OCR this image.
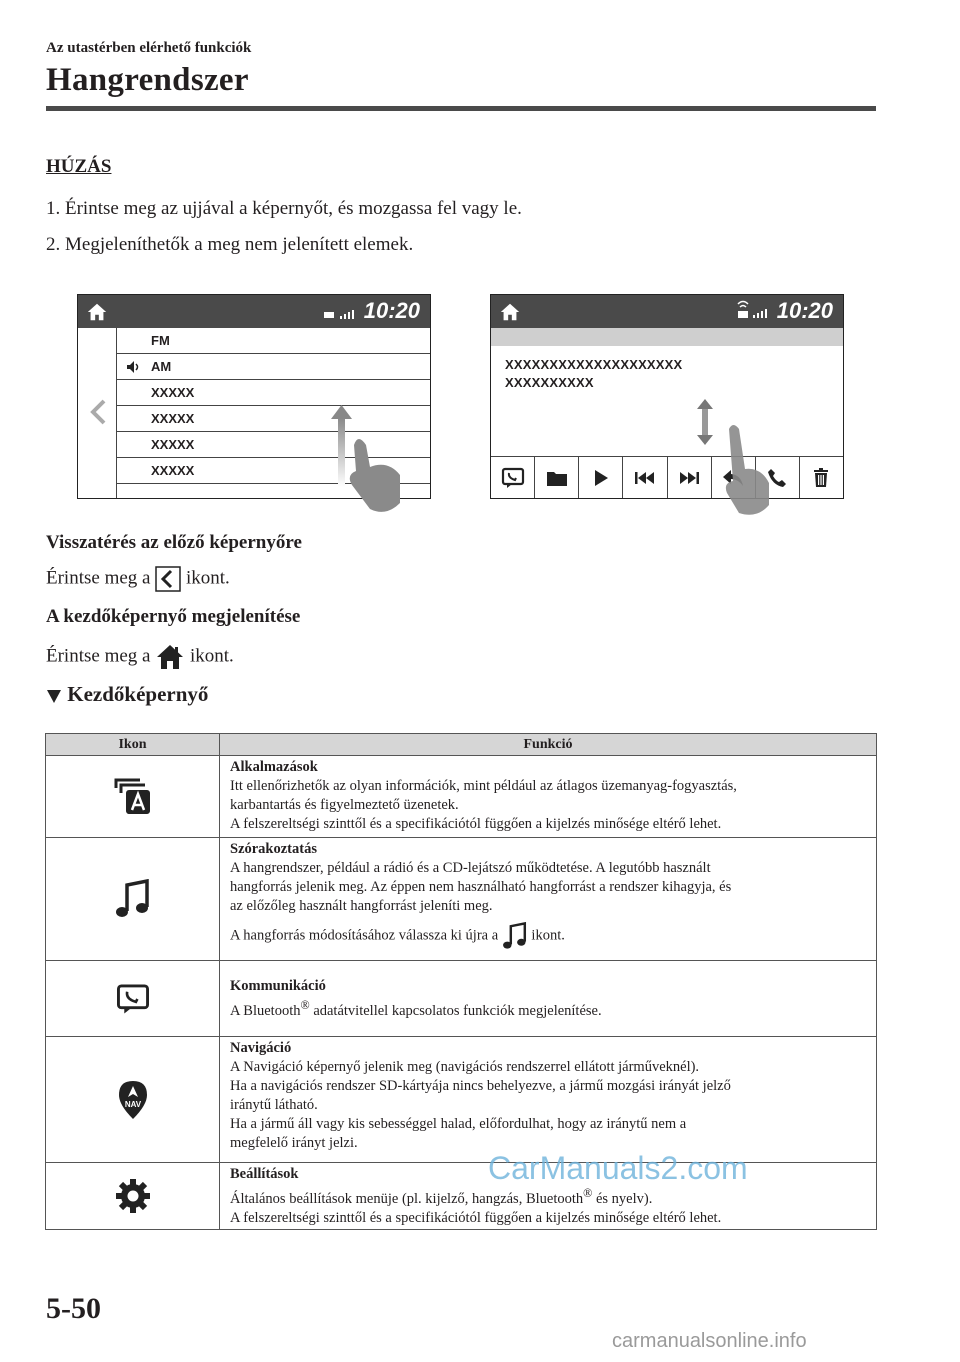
Az utastérben elérhető funkciók
Hangrendszer
HÚZÁS
1. Érintse meg az ujjával a képernyőt, és mozgassa fel vagy le.
2. Megjeleníthetők a meg nem jelenített elemek.
10:20
FM
AM
XXXXX
XXXXX
XXXXX
XXXXX
10:20
XXXXXXXXXXXXXXXXXXXX
XXXXXXXXXX
Visszatérés az előző képernyőre
Érintse meg a ikont.
A kezdőképernyő megjelenítése
Érintse meg a ikont.
Kezdőképernyő
Ikon	Funkció
Alkalmazások
Itt ellenőrizhetők az olyan információk, mint például az átlagos üzemanyag-fogyasztás,
karbantartás és figyelmeztető üzenetek.
A felszereltségi szinttől és a specifikációtól függően a kijelzés minősége eltérő lehet.
Szórakoztatás
A hangrendszer, például a rádió és a CD-lejátszó működtetése. A legutóbb használt
hangforrás jelenik meg. Az éppen nem használható hangforrást a rendszer kihagyja, és
az előzőleg használt hangforrást jeleníti meg.
A hangforrás módosításához válassza ki újra a ikont.
Kommunikáció
A Bluetooth® adatátvitellel kapcsolatos funkciók megjelenítése.
NAV
Navigáció
A Navigáció képernyő jelenik meg (navigációs rendszerrel ellátott járműveknél).
Ha a navigációs rendszer SD-kártyája nincs behelyezve, a jármű mozgási irányát jelző
iránytű látható.
Ha a jármű áll vagy kis sebességgel halad, előfordulhat, hogy az iránytű nem a
megfelelő irányt jelzi.
Beállítások
Általános beállítások menüje (pl. kijelző, hangzás, Bluetooth® és nyelv).
A felszereltségi szinttől és a specifikációtól függően a kijelzés minősége eltérő lehet.
CarManuals2.com
5-50
carmanualsonline.info
